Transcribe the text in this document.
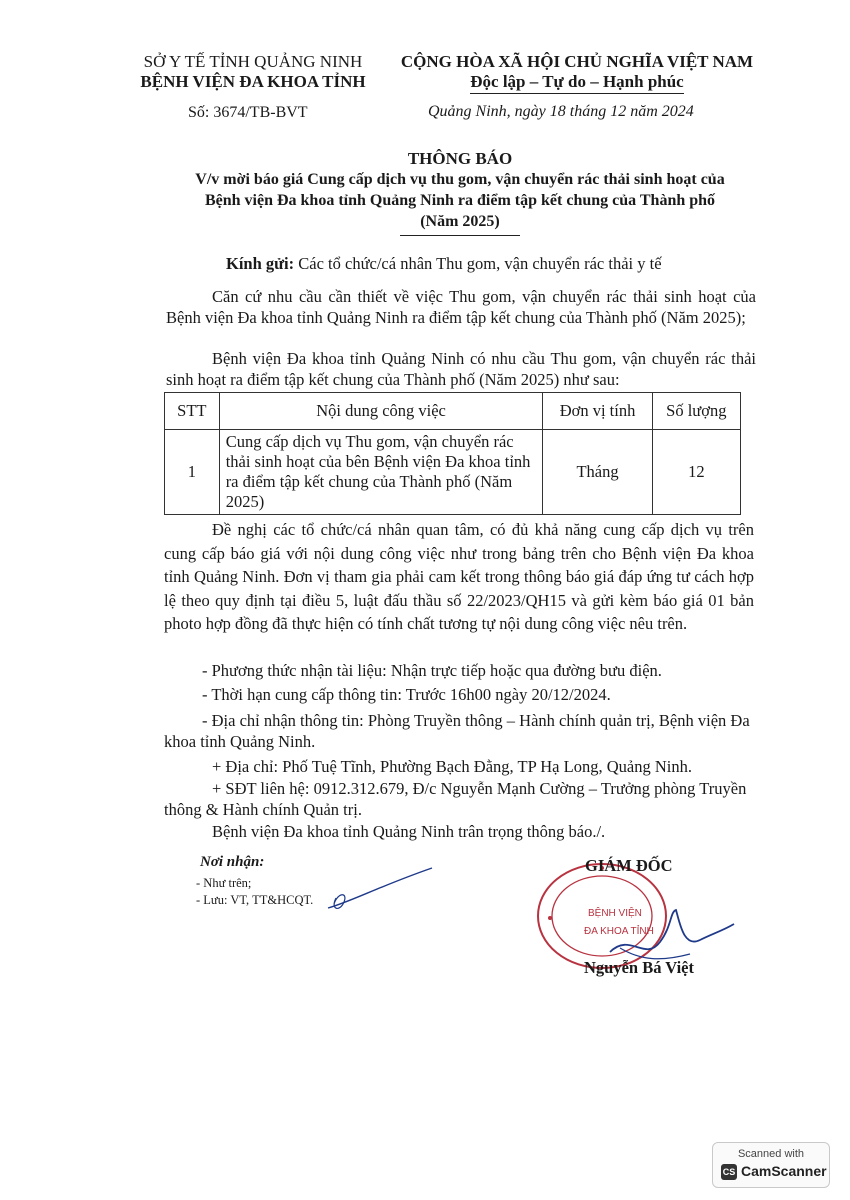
SỞ Y TẾ TỈNH QUẢNG NINH
BỆNH VIỆN ĐA KHOA TỈNH
CỘNG HÒA XÃ HỘI CHỦ NGHĨA VIỆT NAM
Độc lập – Tự do – Hạnh phúc
Số: 3674/TB-BVT	Quảng Ninh, ngày 18 tháng 12 năm 2024
THÔNG BÁO
V/v mời báo giá Cung cấp dịch vụ thu gom, vận chuyển rác thải sinh hoạt của
Bệnh viện Đa khoa tỉnh Quảng Ninh ra điểm tập kết chung của Thành phố
(Năm 2025)
Kính gửi: Các tổ chức/cá nhân Thu gom, vận chuyển rác thải y tế
Căn cứ nhu cầu cần thiết về việc Thu gom, vận chuyển rác thải sinh hoạt của Bệnh viện Đa khoa tỉnh Quảng Ninh ra điểm tập kết chung của Thành phố (Năm 2025);
Bệnh viện Đa khoa tỉnh Quảng Ninh có nhu cầu Thu gom, vận chuyển rác thải sinh hoạt ra điểm tập kết chung của Thành phố (Năm 2025) như sau:
STT	Nội dung công việc	Đơn vị tính	Số lượng
1	Cung cấp dịch vụ Thu gom, vận chuyển rác thải sinh hoạt của bên Bệnh viện Đa khoa tỉnh ra điểm tập kết chung của Thành phố (Năm 2025)	Tháng	12
Đề nghị các tổ chức/cá nhân quan tâm, có đủ khả năng cung cấp dịch vụ trên cung cấp báo giá với nội dung công việc như trong bảng trên cho Bệnh viện Đa khoa tỉnh Quảng Ninh. Đơn vị tham gia phải cam kết trong thông báo giá đáp ứng tư cách hợp lệ theo quy định tại điều 5, luật đấu thầu số 22/2023/QH15 và gửi kèm báo giá 01 bản photo hợp đồng đã thực hiện có tính chất tương tự nội dung công việc nêu trên.
- Phương thức nhận tài liệu: Nhận trực tiếp hoặc qua đường bưu điện.
- Thời hạn cung cấp thông tin: Trước 16h00 ngày 20/12/2024.
- Địa chỉ nhận thông tin: Phòng Truyền thông – Hành chính quản trị, Bệnh viện Đa khoa tỉnh Quảng Ninh.
+ Địa chỉ: Phố Tuệ Tĩnh, Phường Bạch Đằng, TP Hạ Long, Quảng Ninh.
+ SĐT liên hệ: 0912.312.679, Đ/c Nguyễn Mạnh Cường – Trưởng phòng Truyền thông & Hành chính Quản trị.
Bệnh viện Đa khoa tỉnh Quảng Ninh trân trọng thông báo./.
Nơi nhận:
- Như trên;
- Lưu: VT, TT&HCQT.
BỆNH VIỆN
ĐA KHOA TỈNH
GIÁM ĐỐC
Nguyễn Bá Việt
Scanned with
CS CamScanner
